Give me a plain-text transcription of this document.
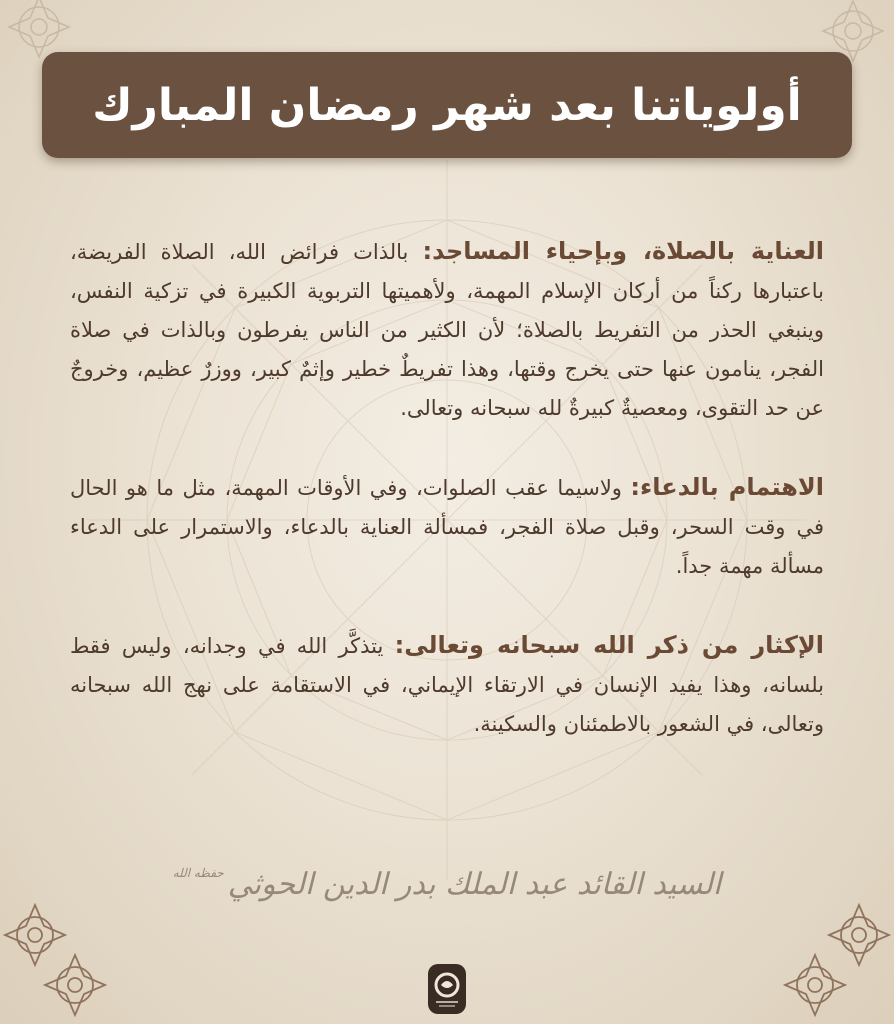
أولوياتنا بعد شهر رمضان المبارك

العناية بالصلاة، وبإحياء المساجد: بالذات فرائض الله، الصلاة الفريضة، باعتبارها ركناً من أركان الإسلام المهمة، ولأهميتها التربوية الكبيرة في تزكية النفس، وينبغي الحذر من التفريط بالصلاة؛ لأن الكثير من الناس يفرطون وبالذات في صلاة الفجر، ينامون عنها حتى يخرج وقتها، وهذا تفريطٌ خطير وإثمٌ كبير، ووزرٌ عظيم، وخروجٌ عن حد التقوى، ومعصيةٌ كبيرةٌ لله سبحانه وتعالى.

الاهتمام بالدعاء: ولاسيما عقب الصلوات، وفي الأوقات المهمة، مثل ما هو الحال في وقت السحر، وقبل صلاة الفجر، فمسألة العناية بالدعاء، والاستمرار على الدعاء مسألة مهمة جداً.

الإكثار من ذكر الله سبحانه وتعالى: يتذكَّر الله في وجدانه، وليس فقط بلسانه، وهذا يفيد الإنسان في الارتقاء الإيماني، في الاستقامة على نهج الله سبحانه وتعالى، في الشعور بالاطمئنان والسكينة.

السيد القائد عبد الملك بدر الدين الحوثي
حفظه الله
